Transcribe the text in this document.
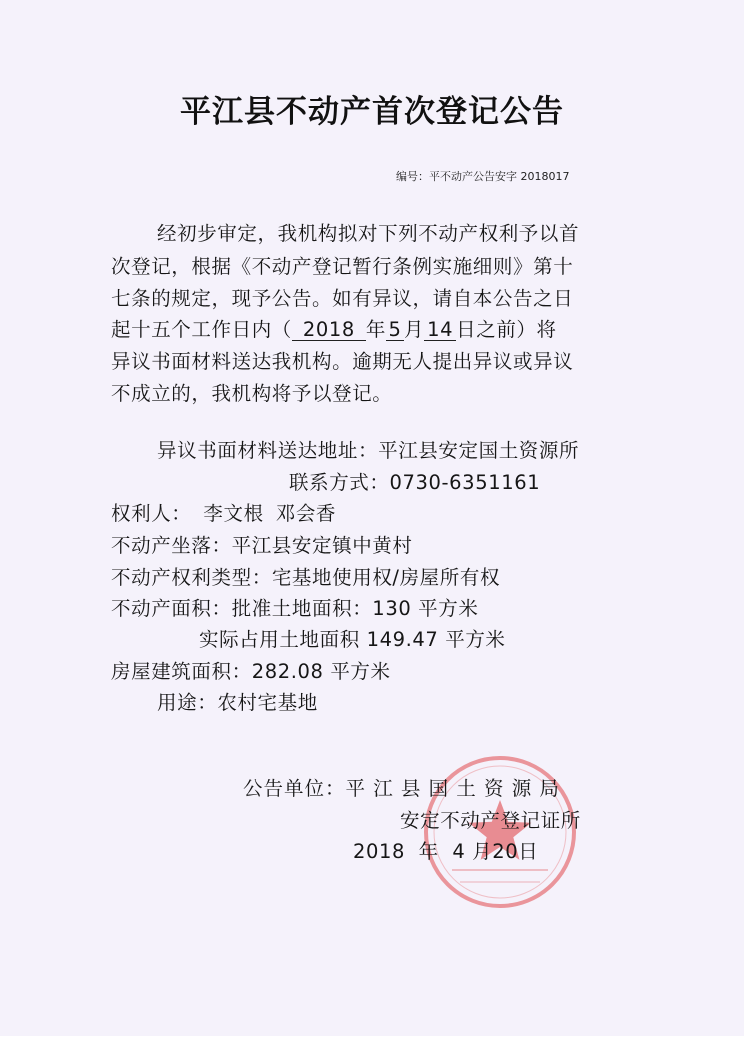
平江县不动产首次登记公告
编号：平不动产公告安字 2018017
经初步审定，我机构拟对下列不动产权利予以首
次登记，根据《不动产登记暂行条例实施细则》第十
七条的规定，现予公告。如有异议，请自本公告之日
起十五个工作日内（ 2018 年 5 月 14 日之前）将
异议书面材料送达我机构。逾期无人提出异议或异议
不成立的，我机构将予以登记。
异议书面材料送达地址：平江县安定国土资源所
联系方式：0730-6351161
权利人： 李文根 邓会香
不动产坐落：平江县安定镇中黄村
不动产权利类型：宅基地使用权/房屋所有权
不动产面积：批准土地面积：130 平方米
实际占用土地面积 149.47 平方米
房屋建筑面积：282.08 平方米
用途：农村宅基地
公告单位：平 江 县 国 土 资 源 局
安定不动产登记证所
2018  年  4 月20日
